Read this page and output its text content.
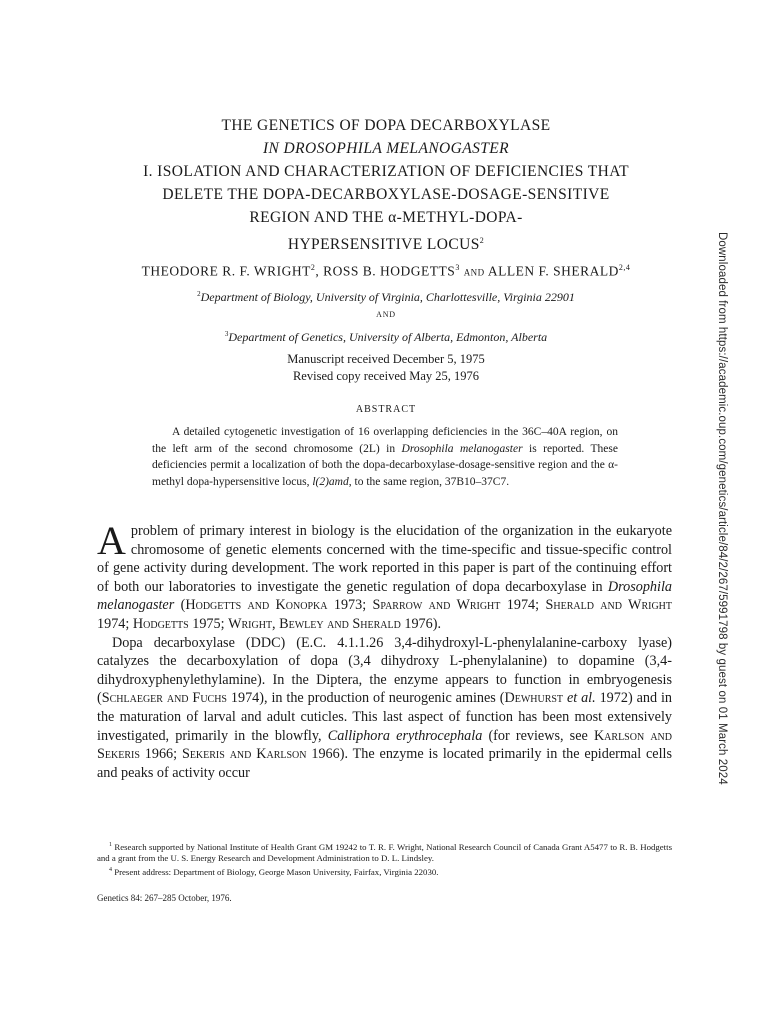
THE GENETICS OF DOPA DECARBOXYLASE
IN DROSOPHILA MELANOGASTER
I. ISOLATION AND CHARACTERIZATION OF DEFICIENCIES THAT
DELETE THE DOPA-DECARBOXYLASE-DOSAGE-SENSITIVE
REGION AND THE α-METHYL-DOPA-
HYPERSENSITIVE LOCUS$^2$
THEODORE R. F. WRIGHT$^2$, ROSS B. HODGETTS$^3$ AND ALLEN F. SHERALD$^{2,4}$
$^2$Department of Biology, University of Virginia, Charlottesville, Virginia 22901
AND
$^3$Department of Genetics, University of Alberta, Edmonton, Alberta
Manuscript received December 5, 1975
Revised copy received May 25, 1976
ABSTRACT
A detailed cytogenetic investigation of 16 overlapping deficiencies in the 36C–40A region, on the left arm of the second chromosome (2L) in Drosophila melanogaster is reported. These deficiencies permit a localization of both the dopa-decarboxylase-dosage-sensitive region and the α-methyl dopa-hypersensitive locus, l(2)amd, to the same region, 37B10–37C7.

A problem of primary interest in biology is the elucidation of the organization in the eukaryote chromosome of genetic elements concerned with the time-specific and tissue-specific control of gene activity during development. The work reported in this paper is part of the continuing effort of both our laboratories to investigate the genetic regulation of dopa decarboxylase in Drosophila melanogaster (Hodgetts and Konopka 1973; Sparrow and Wright 1974; Sherald and Wright 1974; Hodgetts 1975; Wright, Bewley and Sherald 1976).

Dopa decarboxylase (DDC) (E.C. 4.1.1.26 3,4-dihydroxyl-L-phenylalanine-carboxy lyase) catalyzes the decarboxylation of dopa (3,4 dihydroxy L-phenylalanine) to dopamine (3,4-dihydroxyphenylethylamine). In the Diptera, the enzyme appears to function in embryogenesis (Schlaeger and Fuchs 1974), in the production of neurogenic amines (Dewhurst et al. 1972) and in the maturation of larval and adult cuticles. This last aspect of function has been most extensively investigated, primarily in the blowfly, Calliphora erythrocephala (for reviews, see Karlson and Sekeris 1966; Sekeris and Karlson 1966). The enzyme is located primarily in the epidermal cells and peaks of activity occur

$^1$ Research supported by National Institute of Health Grant GM 19242 to T. R. F. Wright, National Research Council of Canada Grant A5477 to R. B. Hodgetts and a grant from the U. S. Energy Research and Development Administration to D. L. Lindsley.

$^4$ Present address: Department of Biology, George Mason University, Fairfax, Virginia 22030.

Genetics 84: 267–285 October, 1976.
Downloaded from https://academic.oup.com/genetics/article/84/2/267/5991798 by guest on 01 March 2024
